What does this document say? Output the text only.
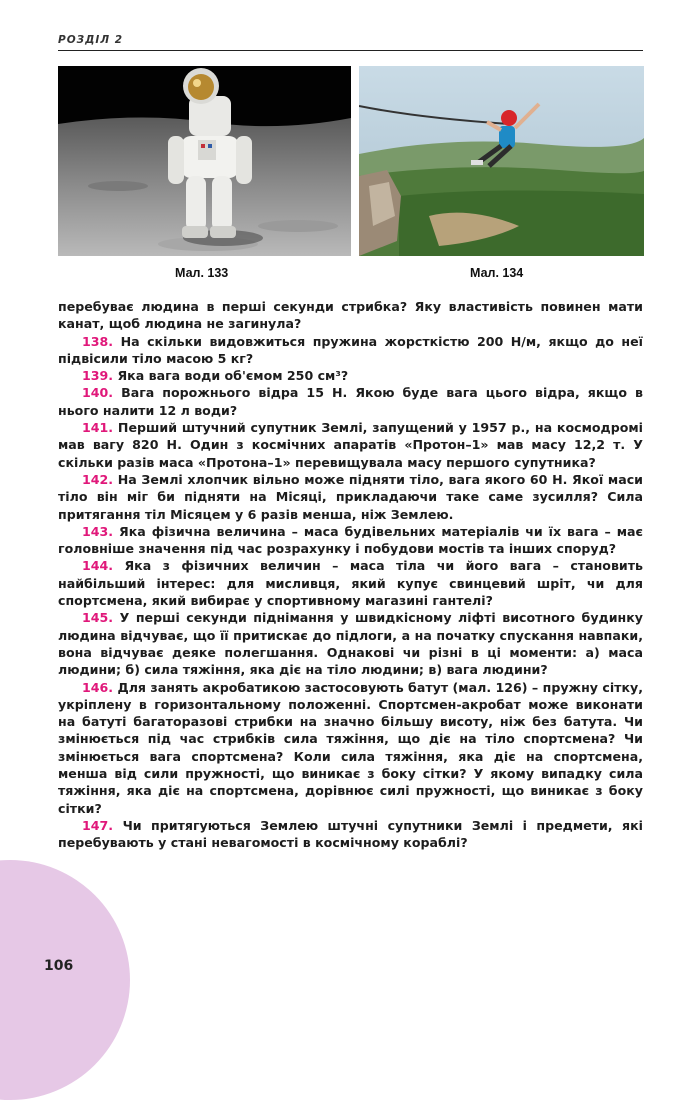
РОЗДІЛ 2
Мал. 133	Мал. 134

перебуває людина в перші секунди стрибка? Яку властивість повинен мати канат, щоб людина не загинула?

138. На скільки видовжиться пружина жорсткістю 200 Н/м, якщо до неї підвісили тіло масою 5 кг?

139. Яка вага води об'ємом 250 см³?

140. Вага порожнього відра 15 Н. Якою буде вага цього відра, якщо в нього налити 12 л води?

141. Перший штучний супутник Землі, запущений у 1957 р., на космодромі мав вагу 820 Н. Один з космічних апаратів «Протон–1» мав масу 12,2 т. У скільки разів маса «Протона–1» перевищувала масу першого супутника?

142. На Землі хлопчик вільно може підняти тіло, вага якого 60 Н. Якої маси тіло він міг би підняти на Місяці, прикладаючи таке саме зусилля? Сила притягання тіл Місяцем у 6 разів менша, ніж Землею.

143. Яка фізична величина – маса будівельних матеріалів чи їх вага – має головніше значення під час розрахунку і побудови мостів та інших споруд?

144. Яка з фізичних величин – маса тіла чи його вага – становить найбільший інтерес: для мисливця, який купує свинцевий шріт, чи для спортсмена, який вибирає у спортивному магазині гантелі?

145. У перші секунди піднімання у швидкісному ліфті висотного будинку людина відчуває, що її притискає до підлоги, а на початку спускання навпаки, вона відчуває деяке полегшання. Однакові чи різні в ці моменти: а) маса людини; б) сила тяжіння, яка діє на тіло людини; в) вага людини?

146. Для занять акробатикою застосовують батут (мал. 126) – пружну сітку, укріплену в горизонтальному положенні. Спортсмен-акробат може виконати на батуті багаторазові стрибки на значно більшу висоту, ніж без батута. Чи змінюється під час стрибків сила тяжіння, що діє на тіло спортсмена? Чи змінюється вага спортсмена? Коли сила тяжіння, яка діє на спортсмена, менша від сили пружності, що виникає з боку сітки? У якому випадку сила тяжіння, яка діє на спортсмена, дорівнює силі пружності, що виникає з боку сітки?

147. Чи притягуються Землею штучні супутники Землі і предмети, які перебувають у стані невагомості в космічному кораблі?

106
